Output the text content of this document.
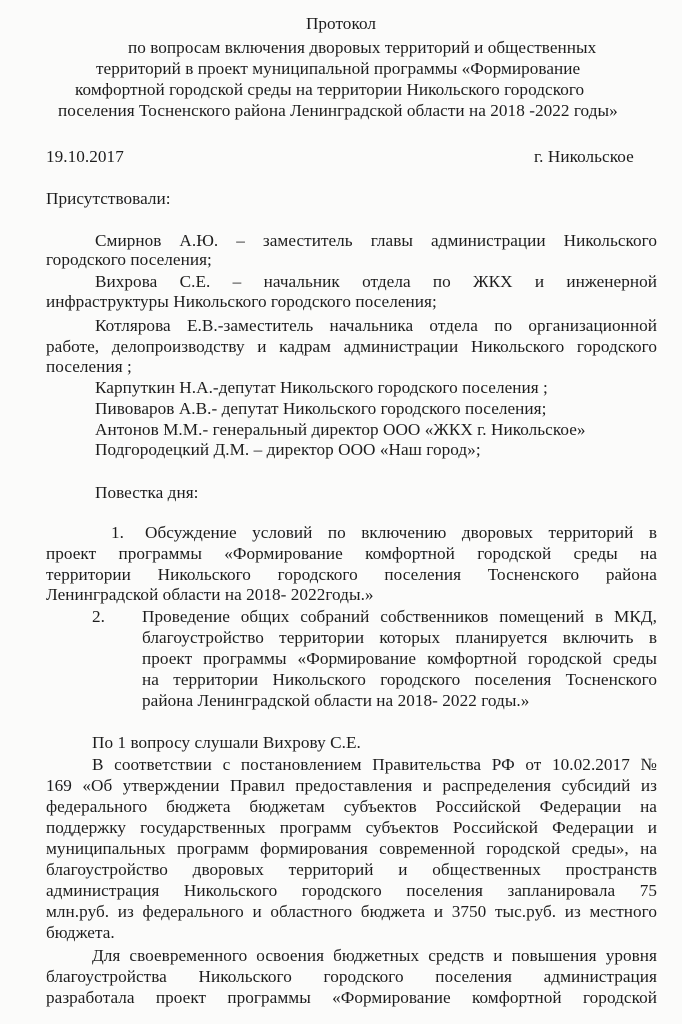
Протокол
по вопросам включения дворовых территорий и общественных
территорий в проект муниципальной программы «Формирование
комфортной городской среды на территории Никольского городского
поселения Тосненского района Ленинградской области на 2018 -2022 годы»
19.10.2017	г. Никольское
Присутствовали:
Смирнов А.Ю. – заместитель главы администрации Никольского
городского поселения;
Вихрова С.Е. – начальник отдела по ЖКХ и инженерной
инфраструктуры Никольского городского поселения;
Котлярова Е.В.-заместитель начальника отдела по организационной
работе, делопроизводству и кадрам администрации Никольского городского
поселения ;
Карпуткин Н.А.-депутат Никольского городского поселения ;
Пивоваров А.В.- депутат Никольского городского поселения;
Антонов М.М.- генеральный директор ООО «ЖКХ г. Никольское»
Подгородецкий Д.М. – директор ООО «Наш город»;
Повестка дня:
1. Обсуждение условий по включению дворовых территорий в
проект программы «Формирование комфортной городской среды на
территории Никольского городского поселения Тосненского района
Ленинградской области на 2018- 2022годы.»
2. Проведение общих собраний собственников помещений в МКД,
благоустройство территории которых планируется включить в
проект программы «Формирование комфортной городской среды
на территории Никольского городского поселения Тосненского
района Ленинградской области на 2018- 2022 годы.»
По 1 вопросу слушали Вихрову С.Е.
В соответствии с постановлением Правительства РФ от 10.02.2017 №
169 «Об утверждении Правил предоставления и распределения субсидий из
федерального бюджета бюджетам субъектов Российской Федерации на
поддержку государственных программ субъектов Российской Федерации и
муниципальных программ формирования современной городской среды», на
благоустройство дворовых территорий и общественных пространств
администрация Никольского городского поселения запланировала 75
млн.руб. из федерального и областного бюджета и 3750 тыс.руб. из местного
бюджета.
Для своевременного освоения бюджетных средств и повышения уровня
благоустройства Никольского городского поселения администрация
разработала проект программы «Формирование комфортной городской
